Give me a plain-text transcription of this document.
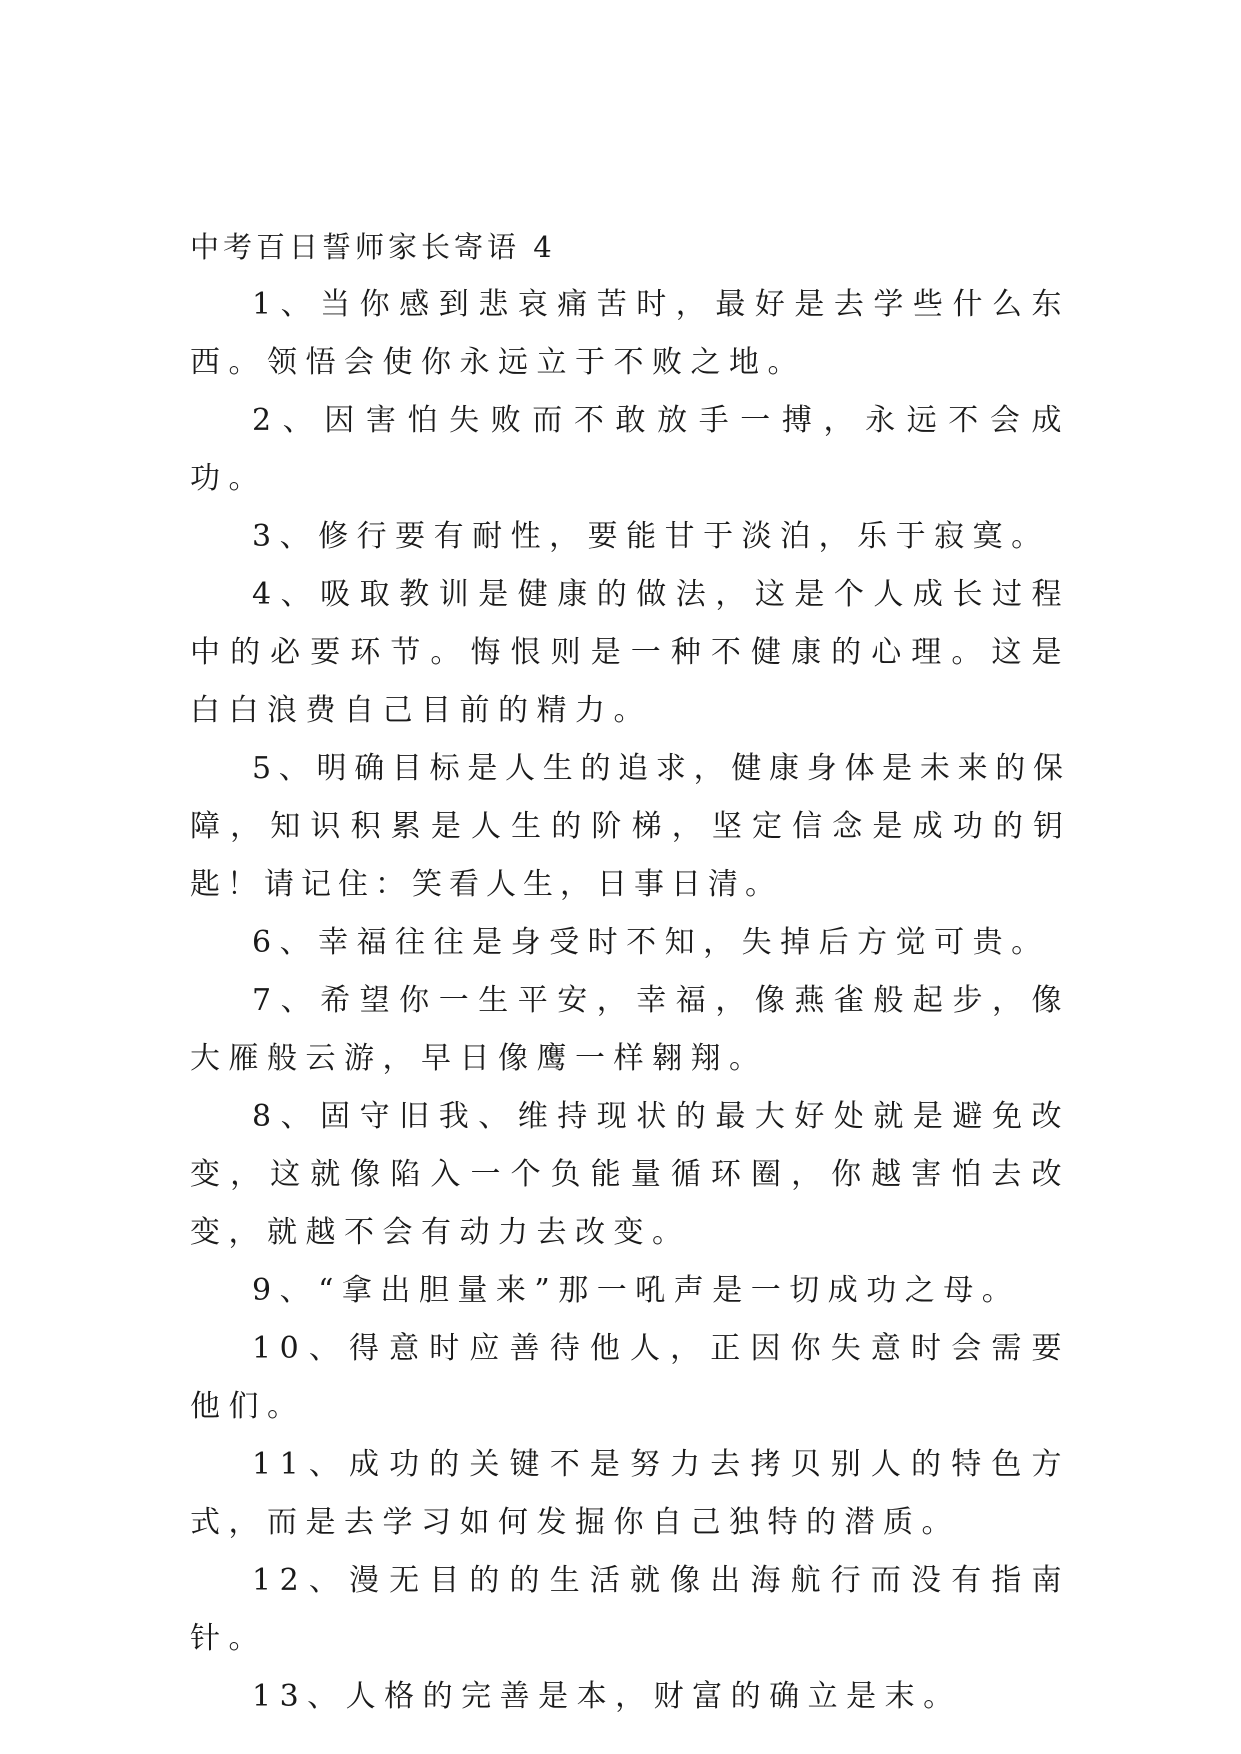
中考百日誓师家长寄语 4

1、当你感到悲哀痛苦时，最好是去学些什么东西。领悟会使你永远立于不败之地。

2、因害怕失败而不敢放手一搏，永远不会成功。

3、修行要有耐性，要能甘于淡泊，乐于寂寞。

4、吸取教训是健康的做法，这是个人成长过程中的必要环节。悔恨则是一种不健康的心理。这是白白浪费自己目前的精力。

5、明确目标是人生的追求，健康身体是未来的保障，知识积累是人生的阶梯，坚定信念是成功的钥匙！请记住：笑看人生，日事日清。

6、幸福往往是身受时不知，失掉后方觉可贵。

7、希望你一生平安，幸福，像燕雀般起步，像大雁般云游，早日像鹰一样翱翔。

8、固守旧我、维持现状的最大好处就是避免改变，这就像陷入一个负能量循环圈，你越害怕去改变，就越不会有动力去改变。

9、“拿出胆量来”那一吼声是一切成功之母。

10、得意时应善待他人，正因你失意时会需要他们。

11、成功的关键不是努力去拷贝别人的特色方式，而是去学习如何发掘你自己独特的潜质。

12、漫无目的的生活就像出海航行而没有指南针。

13、人格的完善是本，财富的确立是末。
